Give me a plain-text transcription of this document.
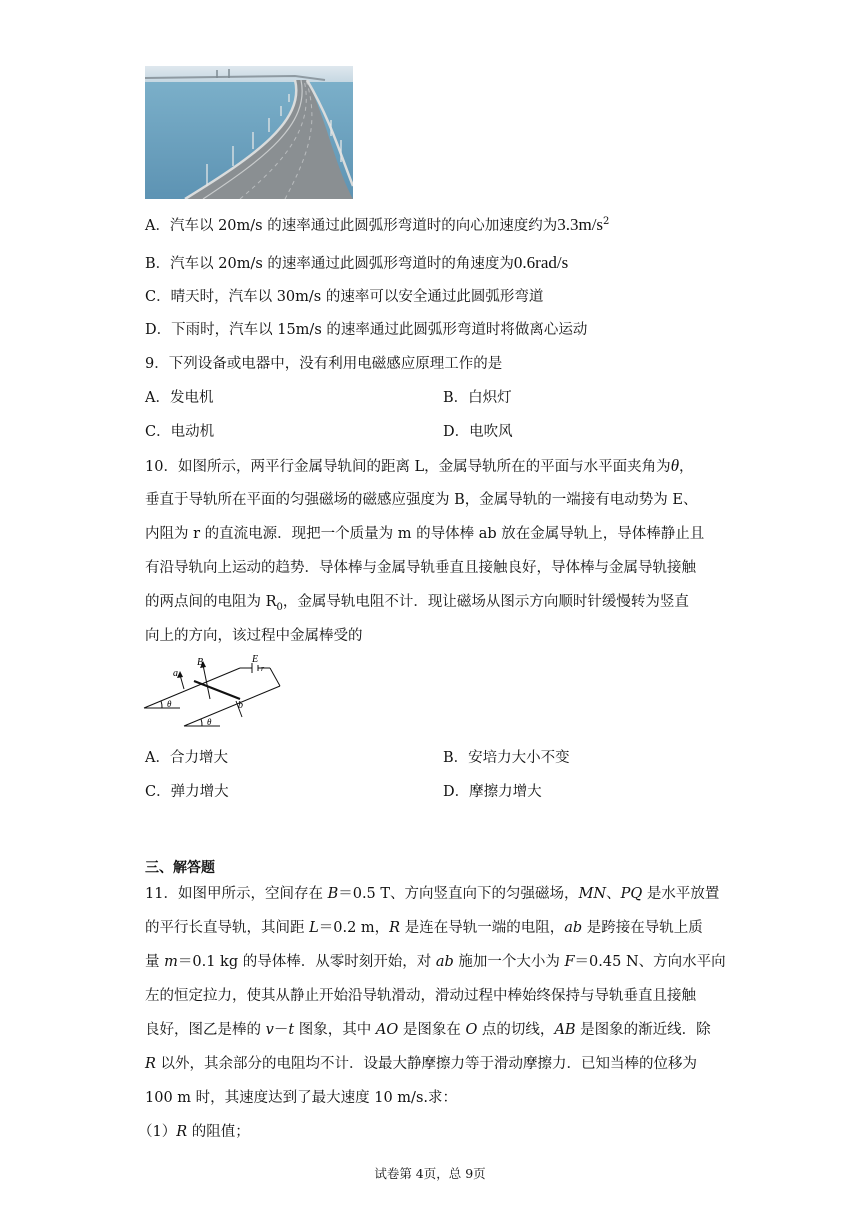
A．汽车以 20m/s 的速率通过此圆弧形弯道时的向心加速度约为$3.3m/s^2$
B．汽车以 20m/s 的速率通过此圆弧形弯道时的角速度为0.6rad/s
C．晴天时，汽车以 30m/s 的速率可以安全通过此圆弧形弯道
D．下雨时，汽车以 15m/s 的速率通过此圆弧形弯道时将做离心运动
9．下列设备或电器中，没有利用电磁感应原理工作的是
A．发电机	B．白炽灯
C．电动机	D．电吹风
10．如图所示，两平行金属导轨间的距离 L，金属导轨所在的平面与水平面夹角为θ，
垂直于导轨所在平面的匀强磁场的磁感应强度为 B，金属导轨的一端接有电动势为 E、
内阻为 r 的直流电源．现把一个质量为 m 的导体棒 ab 放在金属导轨上，导体棒静止且
有沿导轨向上运动的趋势．导体棒与金属导轨垂直且接触良好，导体棒与金属导轨接触
的两点间的电阻为 $R_0$，金属导轨电阻不计．现让磁场从图示方向顺时针缓慢转为竖直
向上的方向，该过程中金属棒受的
B
a
b
E
r
θ
θ
A．合力增大	B．安培力大小不变
C．弹力增大	D．摩擦力增大
三、解答题
11．如图甲所示，空间存在 B＝0.5 T、方向竖直向下的匀强磁场，MN、PQ 是水平放置
的平行长直导轨，其间距 L＝0.2 m，R 是连在导轨一端的电阻，ab 是跨接在导轨上质
量 m＝0.1 kg 的导体棒．从零时刻开始，对 ab 施加一个大小为 F＝0.45 N、方向水平向
左的恒定拉力，使其从静止开始沿导轨滑动，滑动过程中棒始终保持与导轨垂直且接触
良好，图乙是棒的 v－t 图象，其中 AO 是图象在 O 点的切线，AB 是图象的渐近线．除
R 以外，其余部分的电阻均不计．设最大静摩擦力等于滑动摩擦力．已知当棒的位移为
100 m 时，其速度达到了最大速度 10 m/s.求：
（1）R 的阻值；
试卷第 4页，总 9页
